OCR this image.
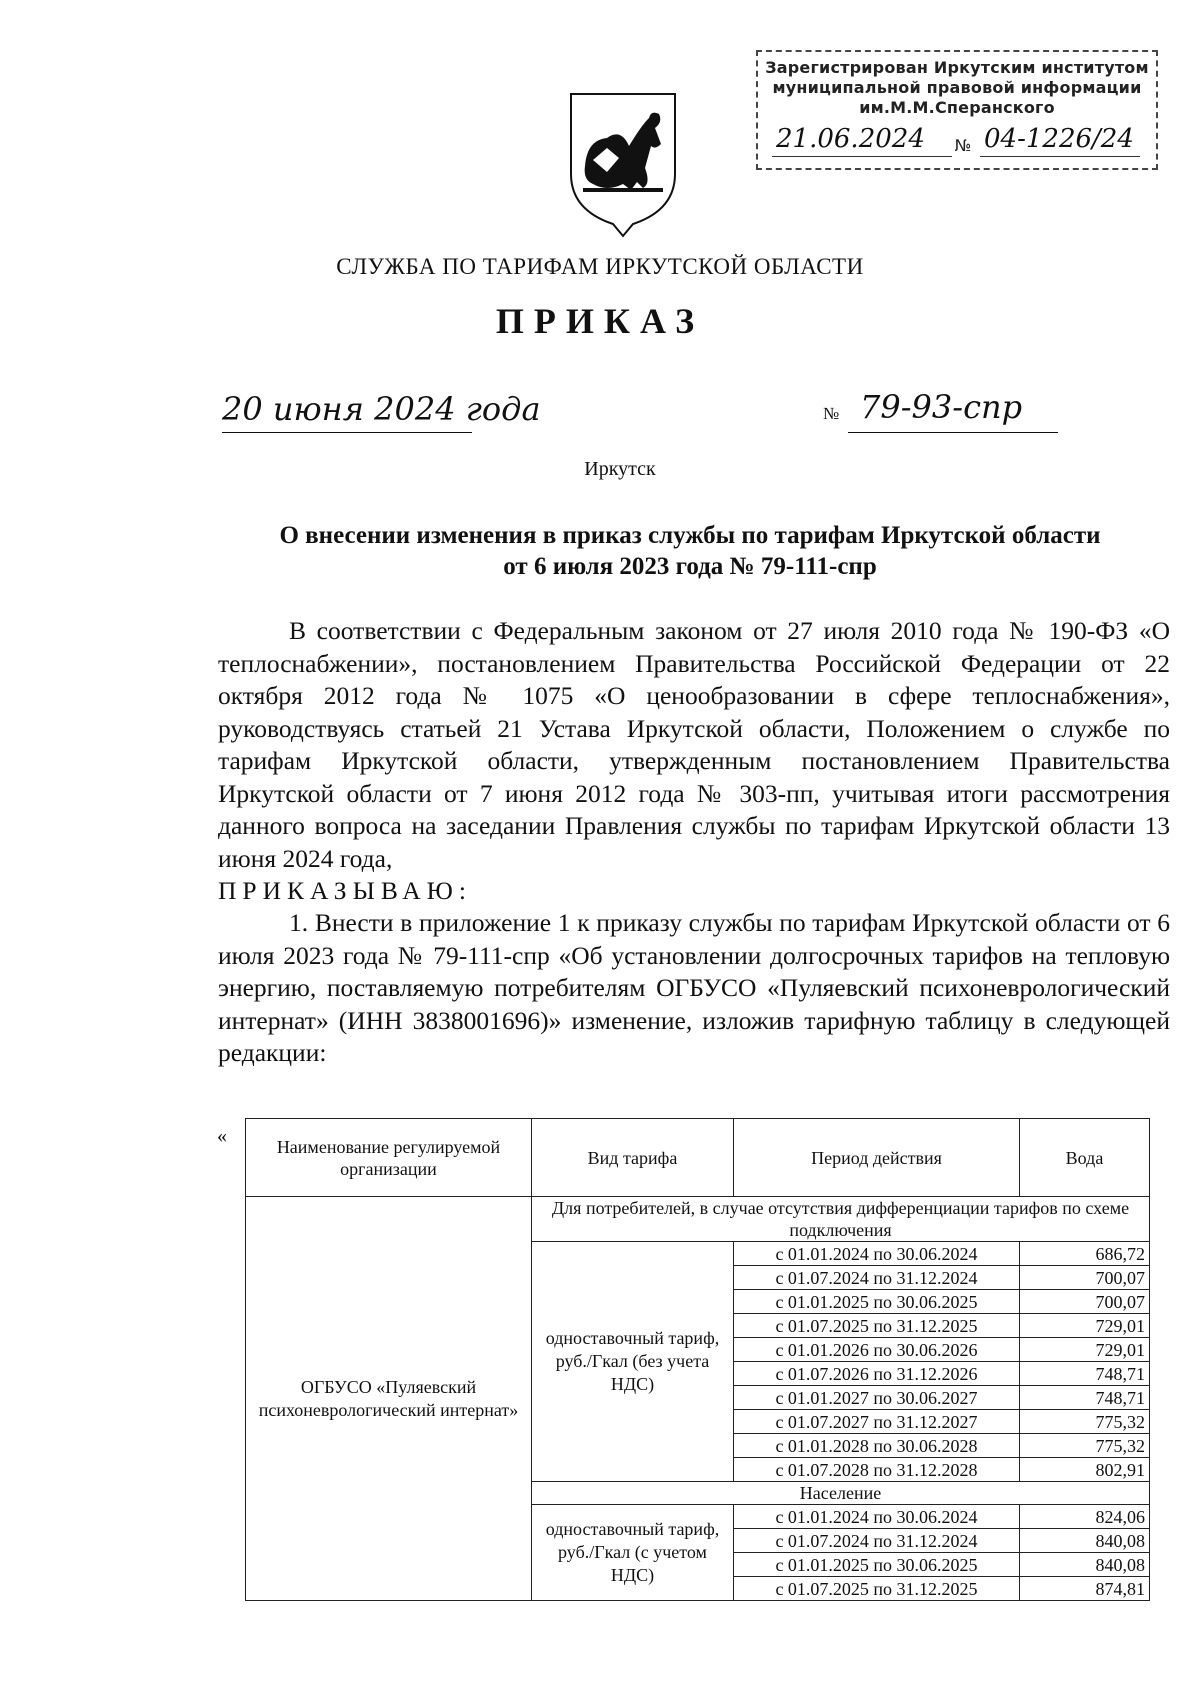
Зарегистрирован Иркутским институтом
муниципальной правовой информации
им.М.М.Сперанского
21.06.2024	№ 04-1226/24
СЛУЖБА ПО ТАРИФАМ ИРКУТСКОЙ ОБЛАСТИ
ПРИКАЗ
20 июня 2024 года	№ 79-93-спр
Иркутск
О внесении изменения в приказ службы по тарифам Иркутской области
от 6 июля 2023 года № 79-111-спр
В соответствии с Федеральным законом от 27 июля 2010 года № 190-ФЗ «О теплоснабжении», постановлением Правительства Российской Федерации от 22 октября 2012 года № 1075 «О ценообразовании в сфере теплоснабжения», руководствуясь статьей 21 Устава Иркутской области, Положением о службе по тарифам Иркутской области, утвержденным постановлением Правительства Иркутской области от 7 июня 2012 года № 303-пп, учитывая итоги рассмотрения данного вопроса на заседании Правления службы по тарифам Иркутской области 13 июня 2024 года,
ПРИКАЗЫВАЮ:
1. Внести в приложение 1 к приказу службы по тарифам Иркутской области от 6 июля 2023 года № 79-111-спр «Об установлении долгосрочных тарифов на тепловую энергию, поставляемую потребителям ОГБУСО «Пуляевский психоневрологический интернат» (ИНН 3838001696)» изменение, изложив тарифную таблицу в следующей редакции:
«	Наименование регулируемой организации	Вид тарифа	Период действия	Вода
ОГБУСО «Пуляевский психоневрологический интернат»	Для потребителей, в случае отсутствия дифференциации тарифов по схеме подключения		
	одноставочный тариф, руб./Гкал (без учета НДС)	с 01.01.2024 по 30.06.2024	686,72
		с 01.07.2024 по 31.12.2024	700,07
		с 01.01.2025 по 30.06.2025	700,07
		с 01.07.2025 по 31.12.2025	729,01
		с 01.01.2026 по 30.06.2026	729,01
		с 01.07.2026 по 31.12.2026	748,71
		с 01.01.2027 по 30.06.2027	748,71
		с 01.07.2027 по 31.12.2027	775,32
		с 01.01.2028 по 30.06.2028	775,32
		с 01.07.2028 по 31.12.2028	802,91
	Население		
	одноставочный тариф, руб./Гкал (с учетом НДС)	с 01.01.2024 по 30.06.2024	824,06
		с 01.07.2024 по 31.12.2024	840,08
		с 01.01.2025 по 30.06.2025	840,08
		с 01.07.2025 по 31.12.2025	874,81
